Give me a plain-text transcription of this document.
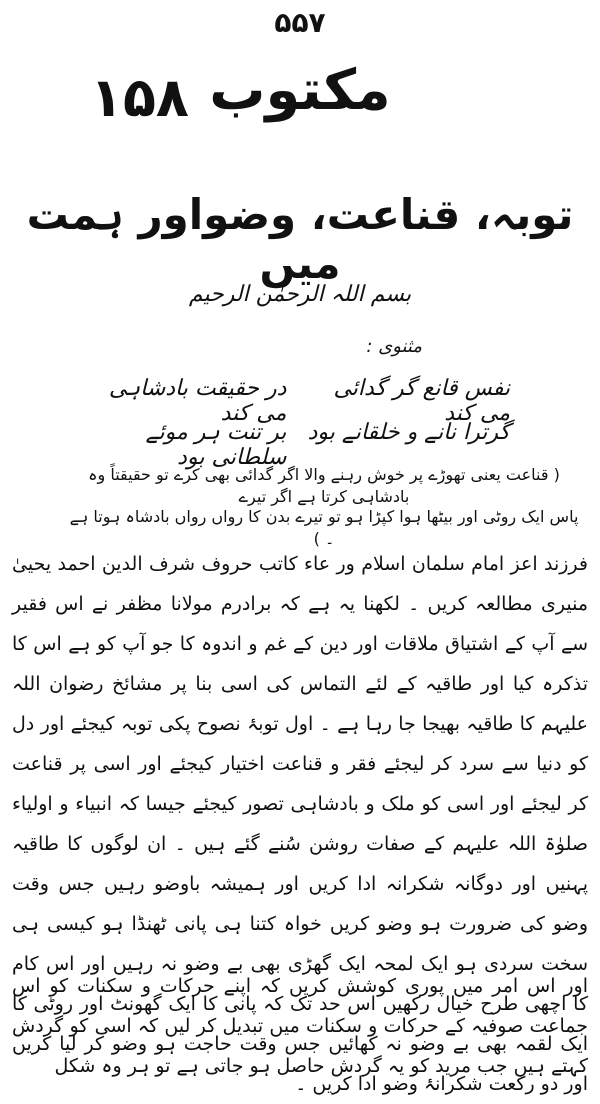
۵۵۷
مکتوب
۱۵۸
توبہ، قناعت، وضواور ہمت میں
بسم اللہ الرحمٰن الرحیم
مثنوی :
نفس قانع گر گدائی می کند
در حقیقت بادشاہی می کند
گرترا نانے و خلقانے بود
بر تنت ہر موئے سلطانی بود
( قناعت یعنی تھوڑے پر خوش رہنے والا اگر گدائی بھی کرے تو حقیقتاً وہ بادشاہی کرتا ہے اگر تیرے
پاس ایک روٹی اور بیٹھا ہوا کپڑا ہو تو تیرے بدن کا رواں رواں بادشاہ ہوتا ہے ۔ )
فرزند اعز امام سلمان اسلام ور عاء کاتب حروف شرف الدین احمد یحییٰ منیری مطالعہ کریں ۔ لکھنا یہ ہے کہ برادرم مولانا مظفر نے اس فقیر سے آپ کے اشتیاق ملاقات اور دین کے غم و اندوہ کا جو آپ کو ہے اس کا تذکرہ کیا اور طاقیہ کے لئے التماس کی اسی بنا پر مشائخ رضوان اللہ علیہم کا طاقیہ بھیجا جا رہا ہے ۔ اول توبۂ نصوح پکی توبہ کیجئے اور دل کو دنیا سے سرد کر لیجئے فقر و قناعت اختیار کیجئے اور اسی پر قناعت کر لیجئے اور اسی کو ملک و بادشاہی تصور کیجئے جیسا کہ انبیاء و اولیاء صلوٰۃ اللہ علیہم کے صفات روشن سُنے گئے ہیں ۔ ان لوگوں کا طاقیہ پہنیں اور دوگانہ شکرانہ ادا کریں اور ہمیشہ باوضو رہیں جس وقت وضو کی ضرورت ہو وضو کریں خواہ کتنا ہی پانی ٹھنڈا ہو کیسی ہی سخت سردی ہو ایک لمحہ ایک گھڑی بھی بے وضو نہ رہیں اور اس کام کا اچھی طرح خیال رکھیں اس حد تک کہ پانی کا ایک گھونٹ اور روٹی کا ایک لقمہ بھی بے وضو نہ کھائیں جس وقت حاجت ہو وضو کر لیا کریں اور دو رکعت شکرانۂ وضو ادا کریں ۔
اور اس امر میں پوری کوشش کریں کہ اپنے حرکات و سکنات کو اس جماعت صوفیہ کے حرکات و سکنات میں تبدیل کر لیں کہ اسی کو گردش کہتے ہیں جب مرید کو یہ گردش حاصل ہو جاتی ہے تو ہر وہ شکل
